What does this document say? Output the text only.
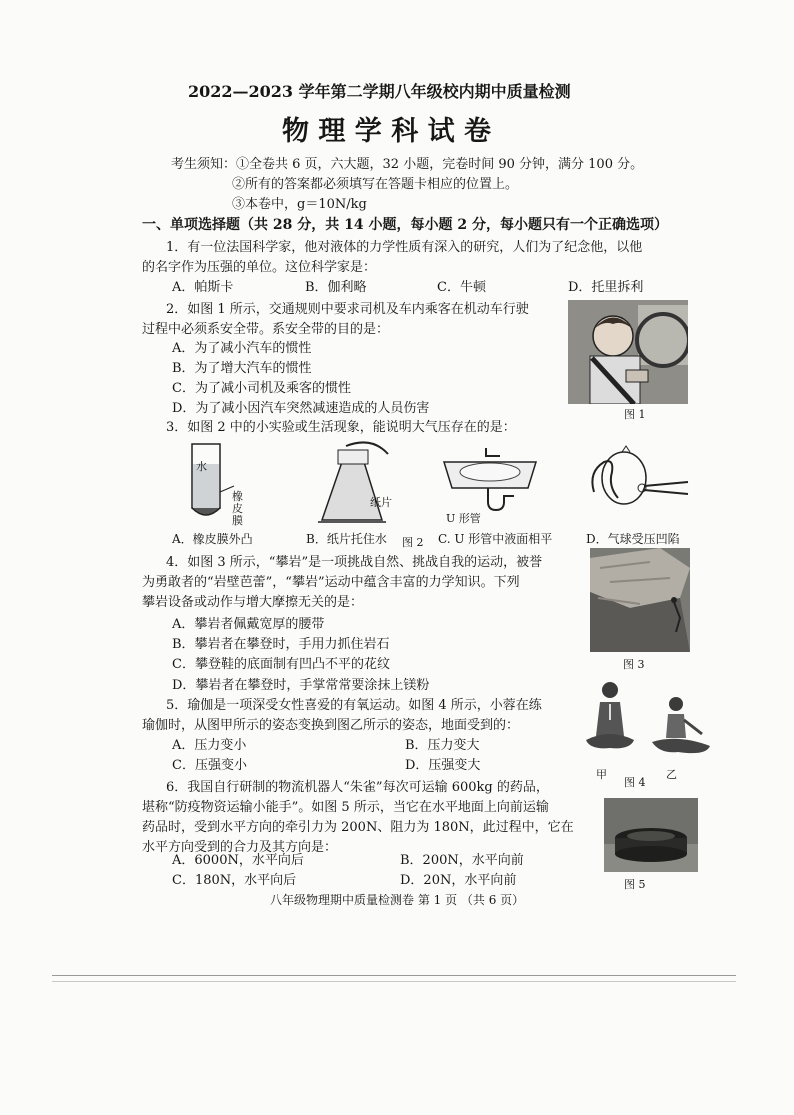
2022—2023 学年第二学期八年级校内期中质量检测
物 理 学 科 试 卷
考生须知：①全卷共 6 页，六大题，32 小题，完卷时间 90 分钟，满分 100 分。
②所有的答案都必须填写在答题卡相应的位置上。
③本卷中，g＝10N/kg
一、单项选择题（共 28 分，共 14 小题，每小题 2 分，每小题只有一个正确选项）
1．有一位法国科学家，他对液体的力学性质有深入的研究，人们为了纪念他，以他
的名字作为压强的单位。这位科学家是：
A．帕斯卡	B．伽利略	C．牛顿	D．托里拆利
2．如图 1 所示，交通规则中要求司机及车内乘客在机动车行驶
过程中必须系安全带。系安全带的目的是：
A．为了减小汽车的惯性
B．为了增大汽车的惯性
C．为了减小司机及乘客的惯性
D．为了减小因汽车突然减速造成的人员伤害	图 1
3．如图 2 中的小实验或生活现象，能说明大气压存在的是：
水
橡
皮
膜
纸片
U 形管
A．橡皮膜外凸	B．纸片托住水 图 2 C. U 形管中液面相平	D．气球受压凹陷
4．如图 3 所示，“攀岩”是一项挑战自然、挑战自我的运动，被誉
为勇敢者的“岩壁芭蕾”，“攀岩”运动中蕴含丰富的力学知识。下列
攀岩设备或动作与增大摩擦无关的是：
A．攀岩者佩戴宽厚的腰带
B．攀岩者在攀登时，手用力抓住岩石
C．攀登鞋的底面制有凹凸不平的花纹
D．攀岩者在攀登时，手掌常常要涂抹上镁粉
图 3
5．瑜伽是一项深受女性喜爱的有氧运动。如图 4 所示，小蓉在练
瑜伽时，从图甲所示的姿态变换到图乙所示的姿态，地面受到的：
A．压力变小	B．压力变大
C．压强变小	D．压强变大
甲
图 4
乙
6．我国自行研制的物流机器人“朱雀”每次可运输 600kg 的药品，
堪称“防疫物资运输小能手”。如图 5 所示，当它在水平地面上向前运输
药品时，受到水平方向的牵引力为 200N、阻力为 180N，此过程中，它在
水平方向受到的合力及其方向是：
A．6000N，水平向后	B．200N，水平向前
C．180N，水平向后	D．20N，水平向前	图 5
八年级物理期中质量检测卷 第 1 页 （共 6 页）
